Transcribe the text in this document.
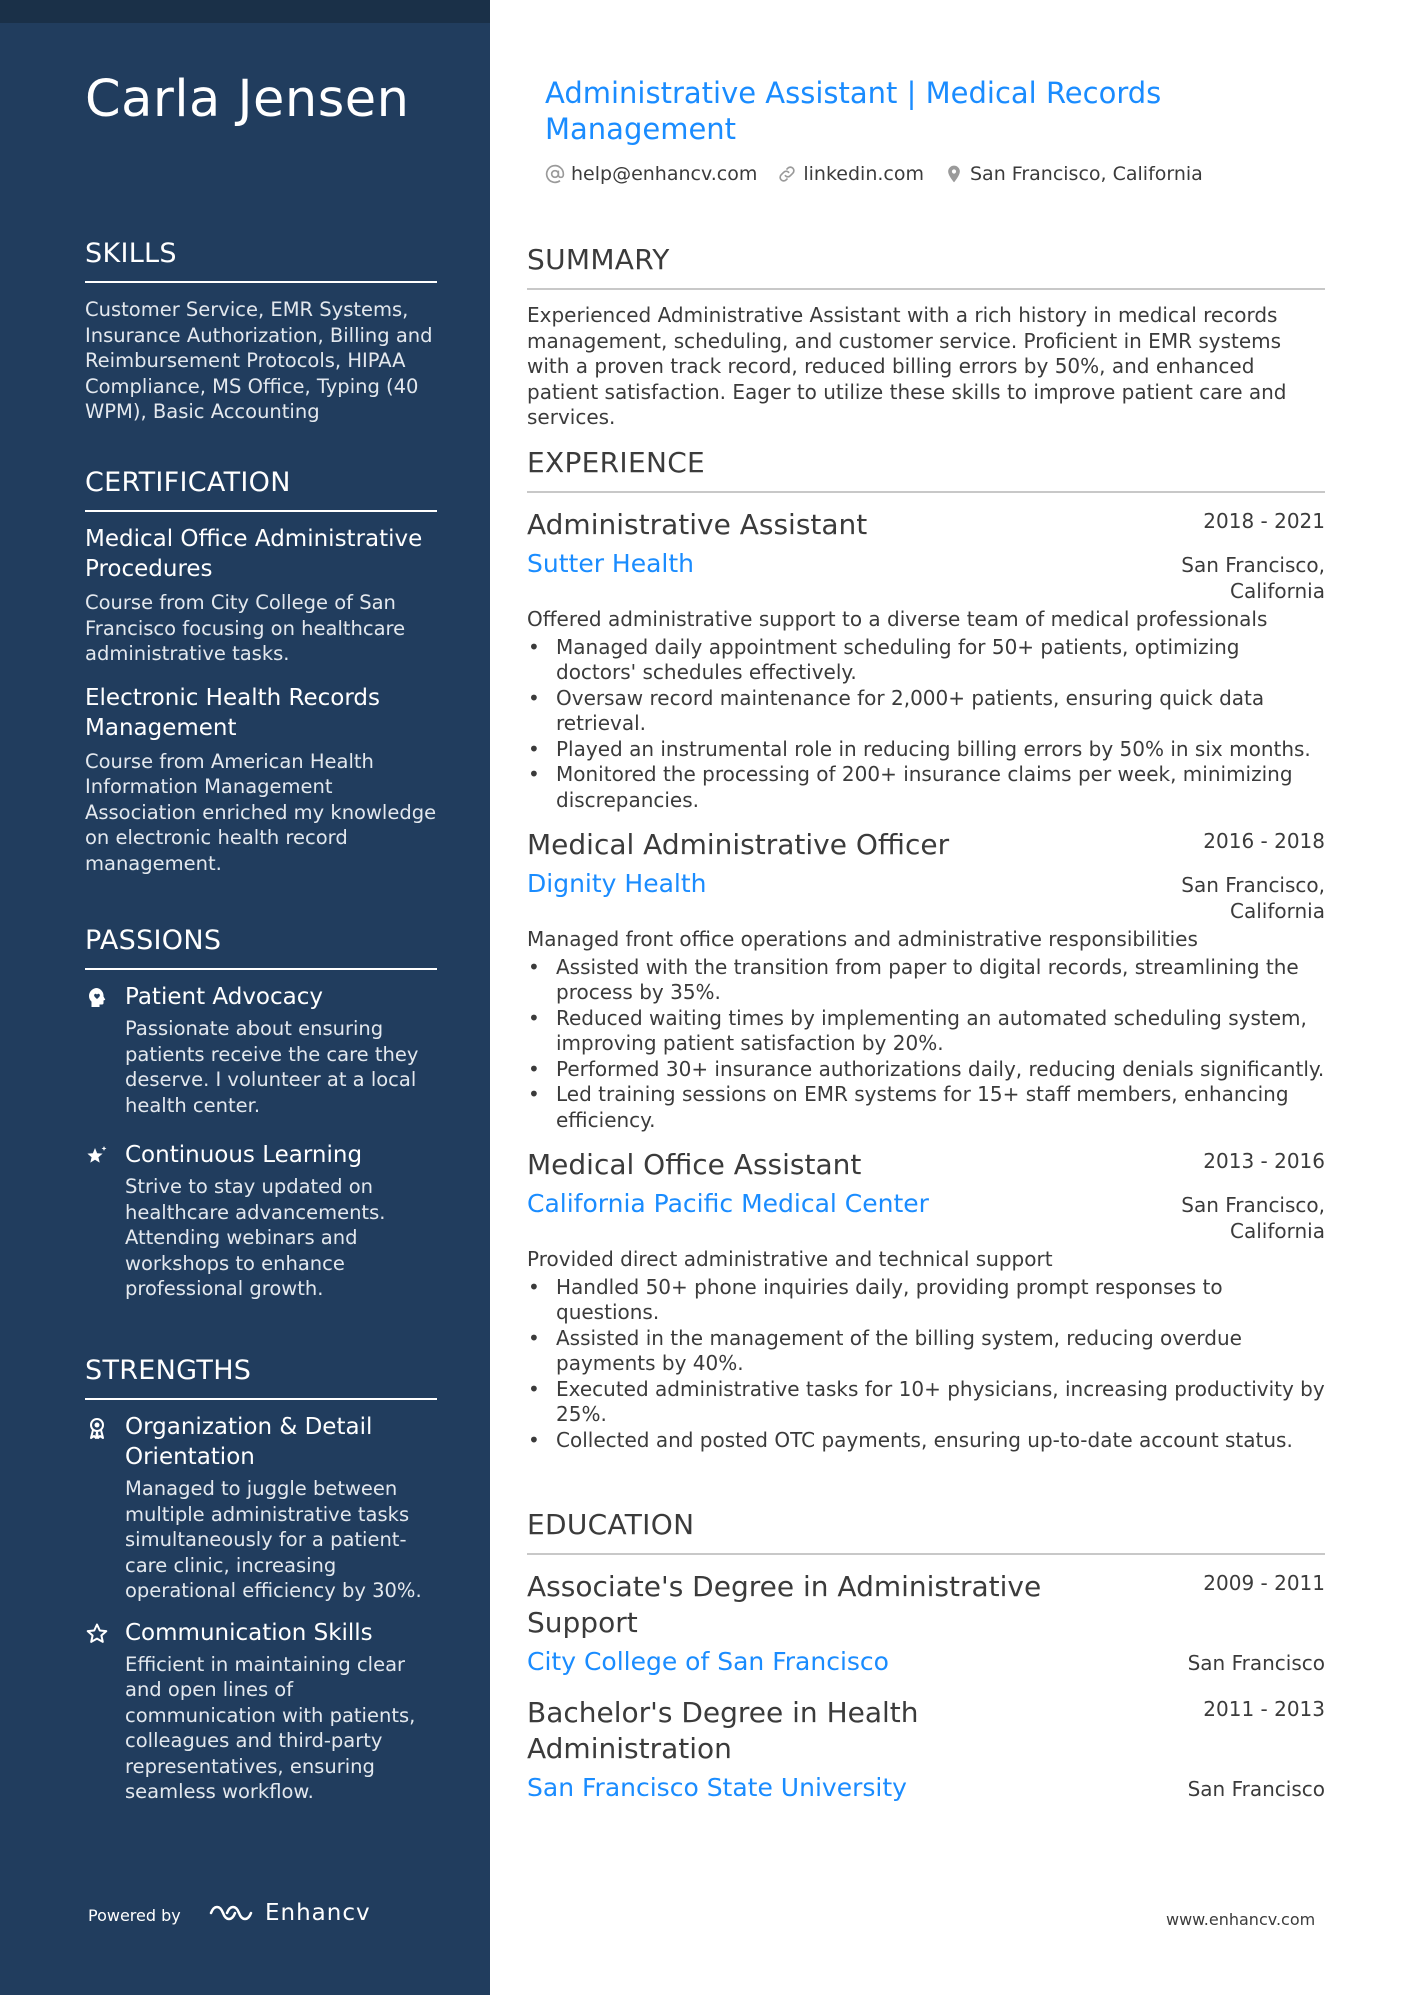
Carla Jensen
SKILLS
Customer Service, EMR Systems, Insurance Authorization, Billing and Reimbursement Protocols, HIPAA Compliance, MS Office, Typing (40 WPM), Basic Accounting
CERTIFICATION
Medical Office Administrative Procedures
Course from City College of San Francisco focusing on healthcare administrative tasks.
Electronic Health Records Management
Course from American Health Information Management Association enriched my knowledge on electronic health record management.
PASSIONS
Patient Advocacy
Passionate about ensuring patients receive the care they deserve. I volunteer at a local health center.
Continuous Learning
Strive to stay updated on healthcare advancements. Attending webinars and workshops to enhance professional growth.
STRENGTHS
Organization & Detail Orientation
Managed to juggle between multiple administrative tasks simultaneously for a patient-care clinic, increasing operational efficiency by 30%.
Communication Skills
Efficient in maintaining clear and open lines of communication with patients, colleagues and third-party representatives, ensuring seamless workflow.
Powered by	Enhancv
Administrative Assistant | Medical Records Management
help@enhancv.com linkedin.com San Francisco, California
SUMMARY
Experienced Administrative Assistant with a rich history in medical records management, scheduling, and customer service. Proficient in EMR systems with a proven track record, reduced billing errors by 50%, and enhanced patient satisfaction. Eager to utilize these skills to improve patient care and services.
EXPERIENCE
Administrative Assistant	2018 - 2021
San Francisco, California
Sutter Health
Offered administrative support to a diverse team of medical professionals
• Managed daily appointment scheduling for 50+ patients, optimizing doctors' schedules effectively.
• Oversaw record maintenance for 2,000+ patients, ensuring quick data retrieval.
• Played an instrumental role in reducing billing errors by 50% in six months.
• Monitored the processing of 200+ insurance claims per week, minimizing discrepancies.
Medical Administrative Officer	2016 - 2018
San Francisco, California
Dignity Health
Managed front office operations and administrative responsibilities
• Assisted with the transition from paper to digital records, streamlining the process by 35%.
• Reduced waiting times by implementing an automated scheduling system, improving patient satisfaction by 20%.
• Performed 30+ insurance authorizations daily, reducing denials significantly.
• Led training sessions on EMR systems for 15+ staff members, enhancing efficiency.
Medical Office Assistant	2013 - 2016
San Francisco, California
California Pacific Medical Center
Provided direct administrative and technical support
• Handled 50+ phone inquiries daily, providing prompt responses to questions.
• Assisted in the management of the billing system, reducing overdue payments by 40%.
• Executed administrative tasks for 10+ physicians, increasing productivity by 25%.
• Collected and posted OTC payments, ensuring up-to-date account status.
EDUCATION
Associate's Degree in Administrative Support
2009 - 2011
San Francisco
City College of San Francisco
Bachelor's Degree in Health Administration
2011 - 2013
San Francisco
San Francisco State University
www.enhancv.com
